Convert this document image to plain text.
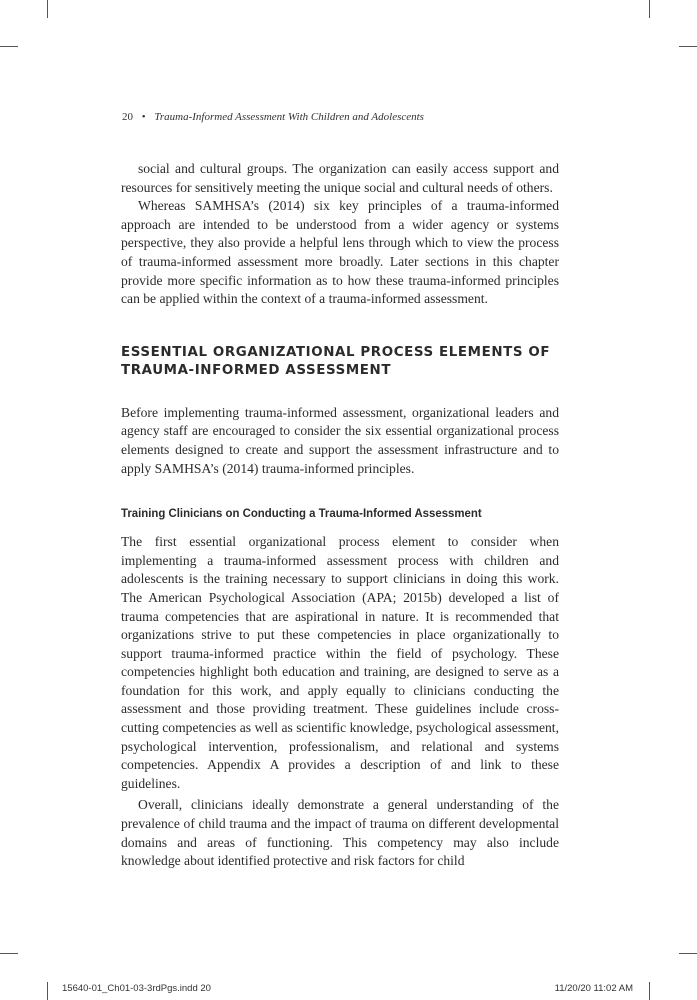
20 • Trauma-Informed Assessment With Children and Adolescents

social and cultural groups. The organization can easily access support and resources for sensitively meeting the unique social and cultural needs of others.

Whereas SAMHSA’s (2014) six key principles of a trauma-informed approach are intended to be understood from a wider agency or systems perspective, they also provide a helpful lens through which to view the process of trauma-informed assessment more broadly. Later sections in this chapter provide more specific information as to how these trauma-informed principles can be applied within the context of a trauma-informed assessment.

ESSENTIAL ORGANIZATIONAL PROCESS ELEMENTS OF TRAUMA-INFORMED ASSESSMENT

Before implementing trauma-informed assessment, organizational leaders and agency staff are encouraged to consider the six essential organizational process elements designed to create and support the assessment infrastructure and to apply SAMHSA’s (2014) trauma-informed principles.

Training Clinicians on Conducting a Trauma-Informed Assessment

The first essential organizational process element to consider when implementing a trauma-informed assessment process with children and adolescents is the training necessary to support clinicians in doing this work. The American Psychological Association (APA; 2015b) developed a list of trauma competencies that are aspirational in nature. It is recommended that organizations strive to put these competencies in place organizationally to support trauma-informed practice within the field of psychology. These competencies highlight both education and training, are designed to serve as a foundation for this work, and apply equally to clinicians conducting the assessment and those providing treatment. These guidelines include cross-cutting competencies as well as scientific knowledge, psychological assessment, psychological intervention, professionalism, and relational and systems competencies. Appendix A provides a description of and link to these guidelines.

Overall, clinicians ideally demonstrate a general understanding of the prevalence of child trauma and the impact of trauma on different developmental domains and areas of functioning. This competency may also include knowledge about identified protective and risk factors for child

15640-01_Ch01-03-3rdPgs.indd 20	11/20/20 11:02 AM
